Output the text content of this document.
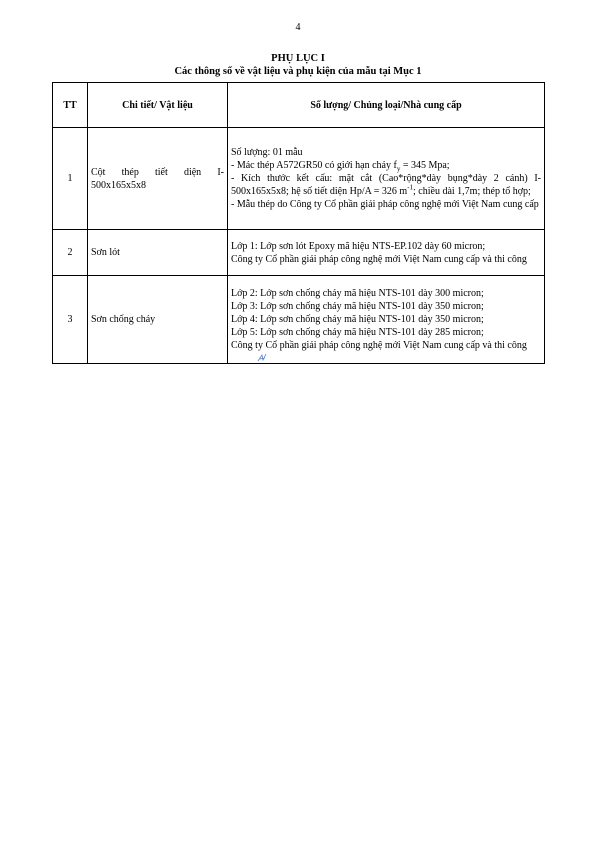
4
PHỤ LỤC I
Các thông số về vật liệu và phụ kiện của mẫu tại Mục 1
TT	Chi tiết/ Vật liệu	Số lượng/ Chủng loại/Nhà cung cấp
1	Cột thép tiết diện I-500x165x5x8	Số lượng: 01 mẫu
- Mác thép A572GR50 có giới hạn chảy $f_y = 345$ Mpa;
- Kích thước kết cấu: mặt cắt (Cao*rộng*dày bụng*dày 2 cánh) I-500x165x5x8; hệ số tiết diện Hp/A = 326 $m^{-1}$; chiều dài 1,7m; thép tổ hợp;
- Mẫu thép do Công ty Cổ phần giải pháp công nghệ mới Việt Nam cung cấp

2	Sơn lót	Lớp 1: Lớp sơn lót Epoxy mã hiệu NTS-EP.102 dày 60 micron;
Công ty Cổ phần giải pháp công nghệ mới Việt Nam cung cấp và thi công

3	Sơn chống cháy	Lớp 2: Lớp sơn chống cháy mã hiệu NTS-101 dày 300 micron;
Lớp 3: Lớp sơn chống cháy mã hiệu NTS-101 dày 350 micron;
Lớp 4: Lớp sơn chống cháy mã hiệu NTS-101 dày 350 micron;
Lớp 5: Lớp sơn chống cháy mã hiệu NTS-101 dày 285 micron;
Công ty Cổ phần giải pháp công nghệ mới Việt Nam cung cấp và thi công
